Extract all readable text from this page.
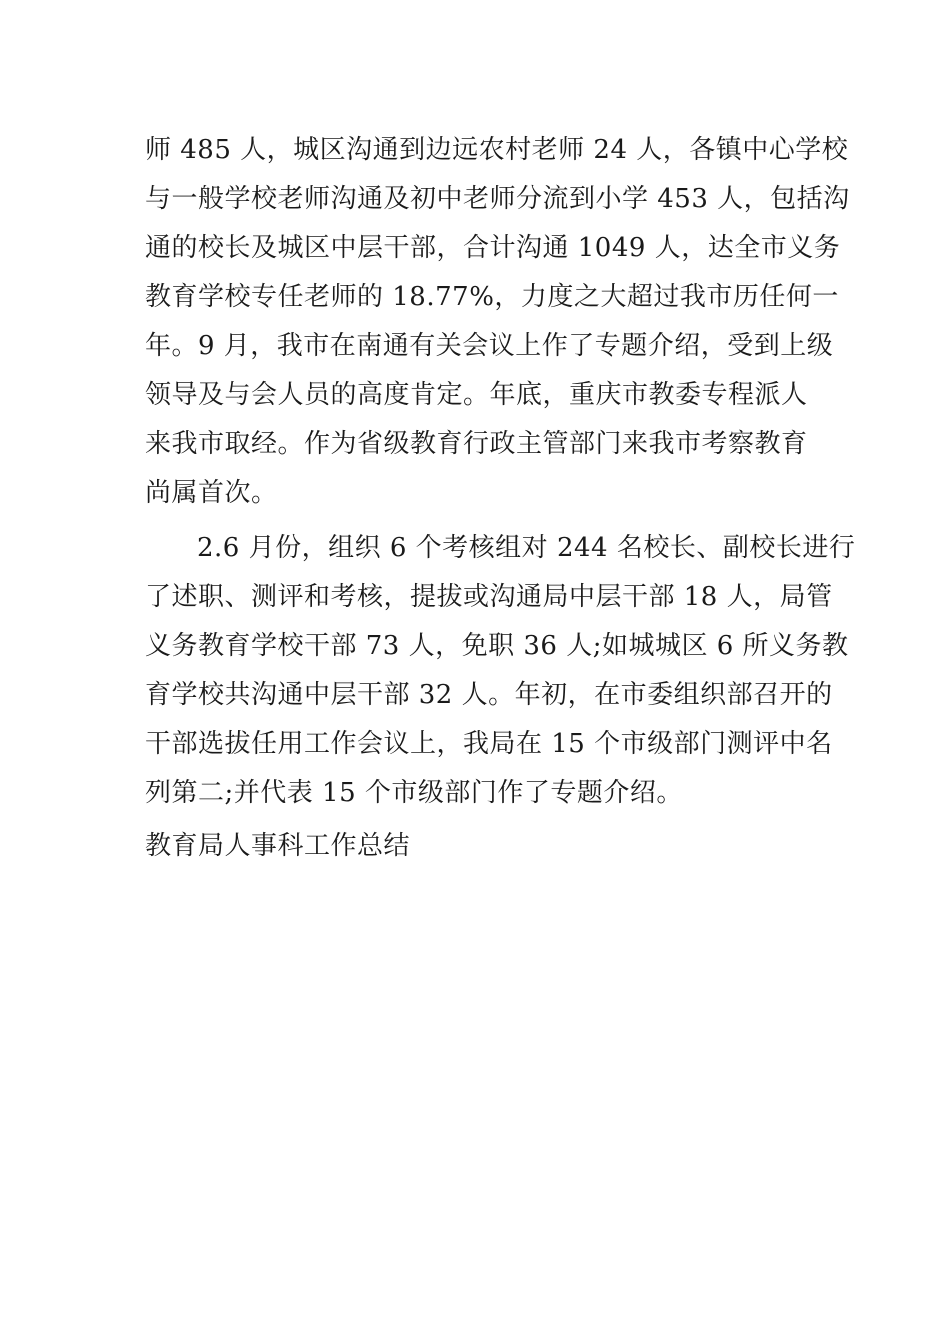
师 485 人，城区沟通到边远农村老师 24 人，各镇中心学校
与一般学校老师沟通及初中老师分流到小学 453 人，包括沟
通的校长及城区中层干部，合计沟通 1049 人，达全市义务
教育学校专任老师的 18.77%，力度之大超过我市历任何一
年。9 月，我市在南通有关会议上作了专题介绍，受到上级
领导及与会人员的高度肯定。年底，重庆市教委专程派人
来我市取经。作为省级教育行政主管部门来我市考察教育
尚属首次。
2.6 月份，组织 6 个考核组对 244 名校长、副校长进行
了述职、测评和考核，提拔或沟通局中层干部 18 人，局管
义务教育学校干部 73 人，免职 36 人;如城城区 6 所义务教
育学校共沟通中层干部 32 人。年初，在市委组织部召开的
干部选拔任用工作会议上，我局在 15 个市级部门测评中名
列第二;并代表 15 个市级部门作了专题介绍。
教育局人事科工作总结
